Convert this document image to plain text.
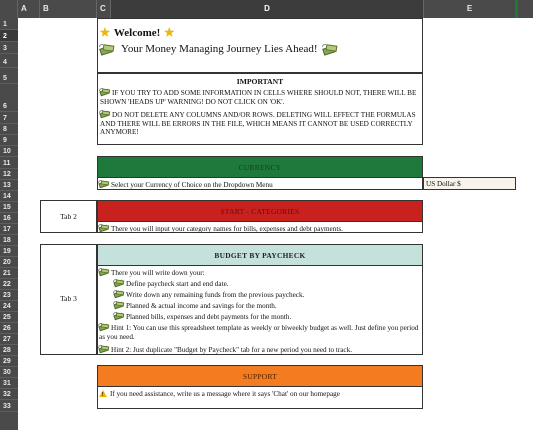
A	B	C	D	E
1
2
3
4
5
6
7
8
9
10
11
12
13
14
15
16
17
18
19
20
21
22
23
24
25
26
27
28
29
30
31
32
33
★ Welcome! ★
Your Money Managing Journey Lies Ahead!
IMPORTANT
IF YOU TRY TO ADD SOME INFORMATION IN CELLS WHERE SHOULD NOT, THERE WILL BE SHOWN 'HEADS UP' WARNING! DO NOT CLICK ON 'OK'.
DO NOT DELETE ANY COLUMNS AND/OR ROWS. DELETING WILL EFFECT THE FORMULAS AND THERE WILL BE ERRORS IN THE FILE, WHICH MEANS IT CANNOT BE USED CORRECTLY ANYMORE!
CURRENCY
Select your Currency of Choice on the Dropdown Menu	US Dollar $
Tab 2
START - CATEGORIES
There you will input your category names for bills, expenses and debt payments.
Tab 3
BUDGET BY PAYCHECK
There you will write down your:
Define paycheck start and end date.
Write down any remaining funds from the previous paycheck.
Planned & actual income and savings for the month.
Planned bills, expenses and debt payments for the month.
Hint 1: You can use this spreadsheet template as weekly or biweekly budget as well. Just define you period as you need.
Hint 2: Just duplicate "Budget by Paycheck" tab for a new period you need to track.
SUPPORT
!If you need assistance, write us a message where it says 'Chat' on our homepage
